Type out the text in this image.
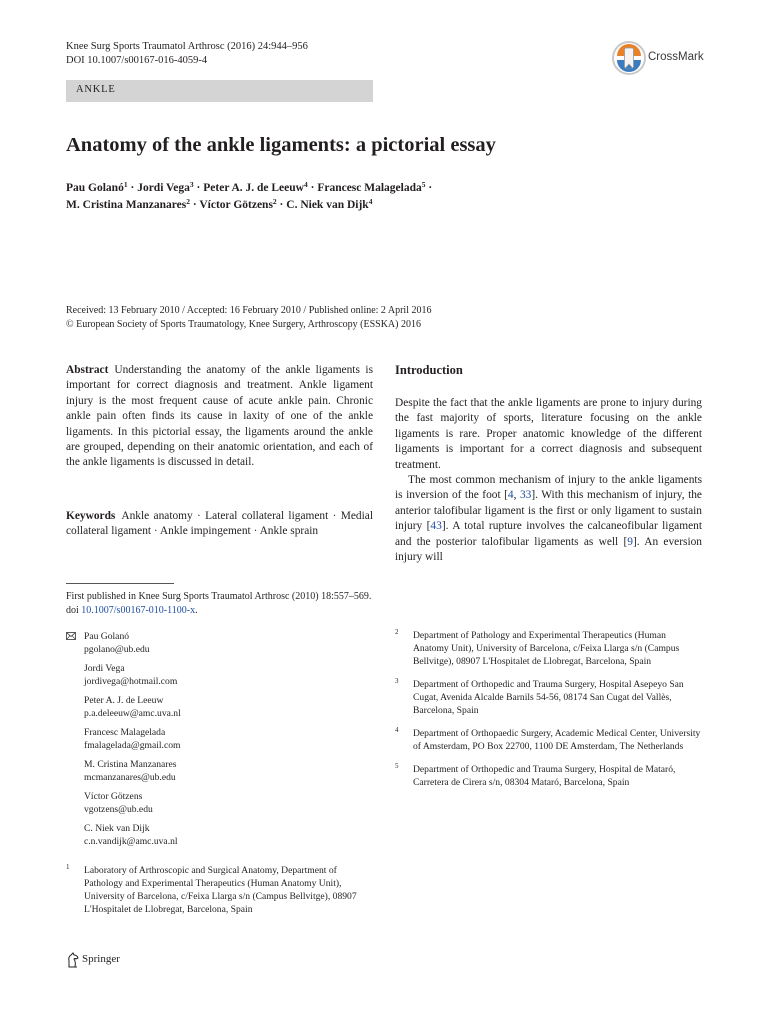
Knee Surg Sports Traumatol Arthrosc (2016) 24:944–956
DOI 10.1007/s00167-016-4059-4
ANKLE
CrossMark
Anatomy of the ankle ligaments: a pictorial essay
Pau Golanó$^1$ · Jordi Vega$^3$ · Peter A. J. de Leeuw$^4$ · Francesc Malagelada$^5$ ·
M. Cristina Manzanares$^2$ · Víctor Götzens$^2$ · C. Niek van Dijk$^4$
Received: 13 February 2010 / Accepted: 16 February 2010 / Published online: 2 April 2016
© European Society of Sports Traumatology, Knee Surgery, Arthroscopy (ESSKA) 2016
Abstract Understanding the anatomy of the ankle ligaments is important for correct diagnosis and treatment. Ankle ligament injury is the most frequent cause of acute ankle pain. Chronic ankle pain often finds its cause in laxity of one of the ankle ligaments. In this pictorial essay, the ligaments around the ankle are grouped, depending on their anatomic orientation, and each of the ankle ligaments is discussed in detail.
Keywords Ankle anatomy · Lateral collateral ligament · Medial collateral ligament · Ankle impingement · Ankle sprain
Introduction

Despite the fact that the ankle ligaments are prone to injury during the fast majority of sports, literature focusing on the ankle ligaments is rare. Proper anatomic knowledge of the different ligaments is important for a correct diagnosis and subsequent treatment.

The most common mechanism of injury to the ankle ligaments is inversion of the foot [4, 33]. With this mechanism of injury, the anterior talofibular ligament is the first or only ligament to sustain injury [43]. A total rupture involves the calcaneofibular ligament and the posterior talofibular ligaments as well [9]. An eversion injury will

First published in Knee Surg Sports Traumatol Arthrosc (2010) 18:557–569. doi 10.1007/s00167-010-1100-x.
Pau Golanó
pgolano@ub.edu
Jordi Vega
jordivega@hotmail.com
Peter A. J. de Leeuw
p.a.deleeuw@amc.uva.nl
Francesc Malagelada
fmalagelada@gmail.com
M. Cristina Manzanares
mcmanzanares@ub.edu
Víctor Götzens
vgotzens@ub.edu
C. Niek van Dijk
c.n.vandijk@amc.uva.nl
1 Laboratory of Arthroscopic and Surgical Anatomy, Department of Pathology and Experimental Therapeutics (Human Anatomy Unit), University of Barcelona, c/Feixa Llarga s/n (Campus Bellvitge), 08907 L'Hospitalet de Llobregat, Barcelona, Spain
2 Department of Pathology and Experimental Therapeutics (Human Anatomy Unit), University of Barcelona, c/Feixa Llarga s/n (Campus Bellvitge), 08907 L'Hospitalet de Llobregat, Barcelona, Spain
3 Department of Orthopedic and Trauma Surgery, Hospital Asepeyo San Cugat, Avenida Alcalde Barnils 54-56, 08174 San Cugat del Vallès, Barcelona, Spain
4 Department of Orthopaedic Surgery, Academic Medical Center, University of Amsterdam, PO Box 22700, 1100 DE Amsterdam, The Netherlands
5 Department of Orthopedic and Trauma Surgery, Hospital de Mataró, Carretera de Cirera s/n, 08304 Mataró, Barcelona, Spain
Springer
